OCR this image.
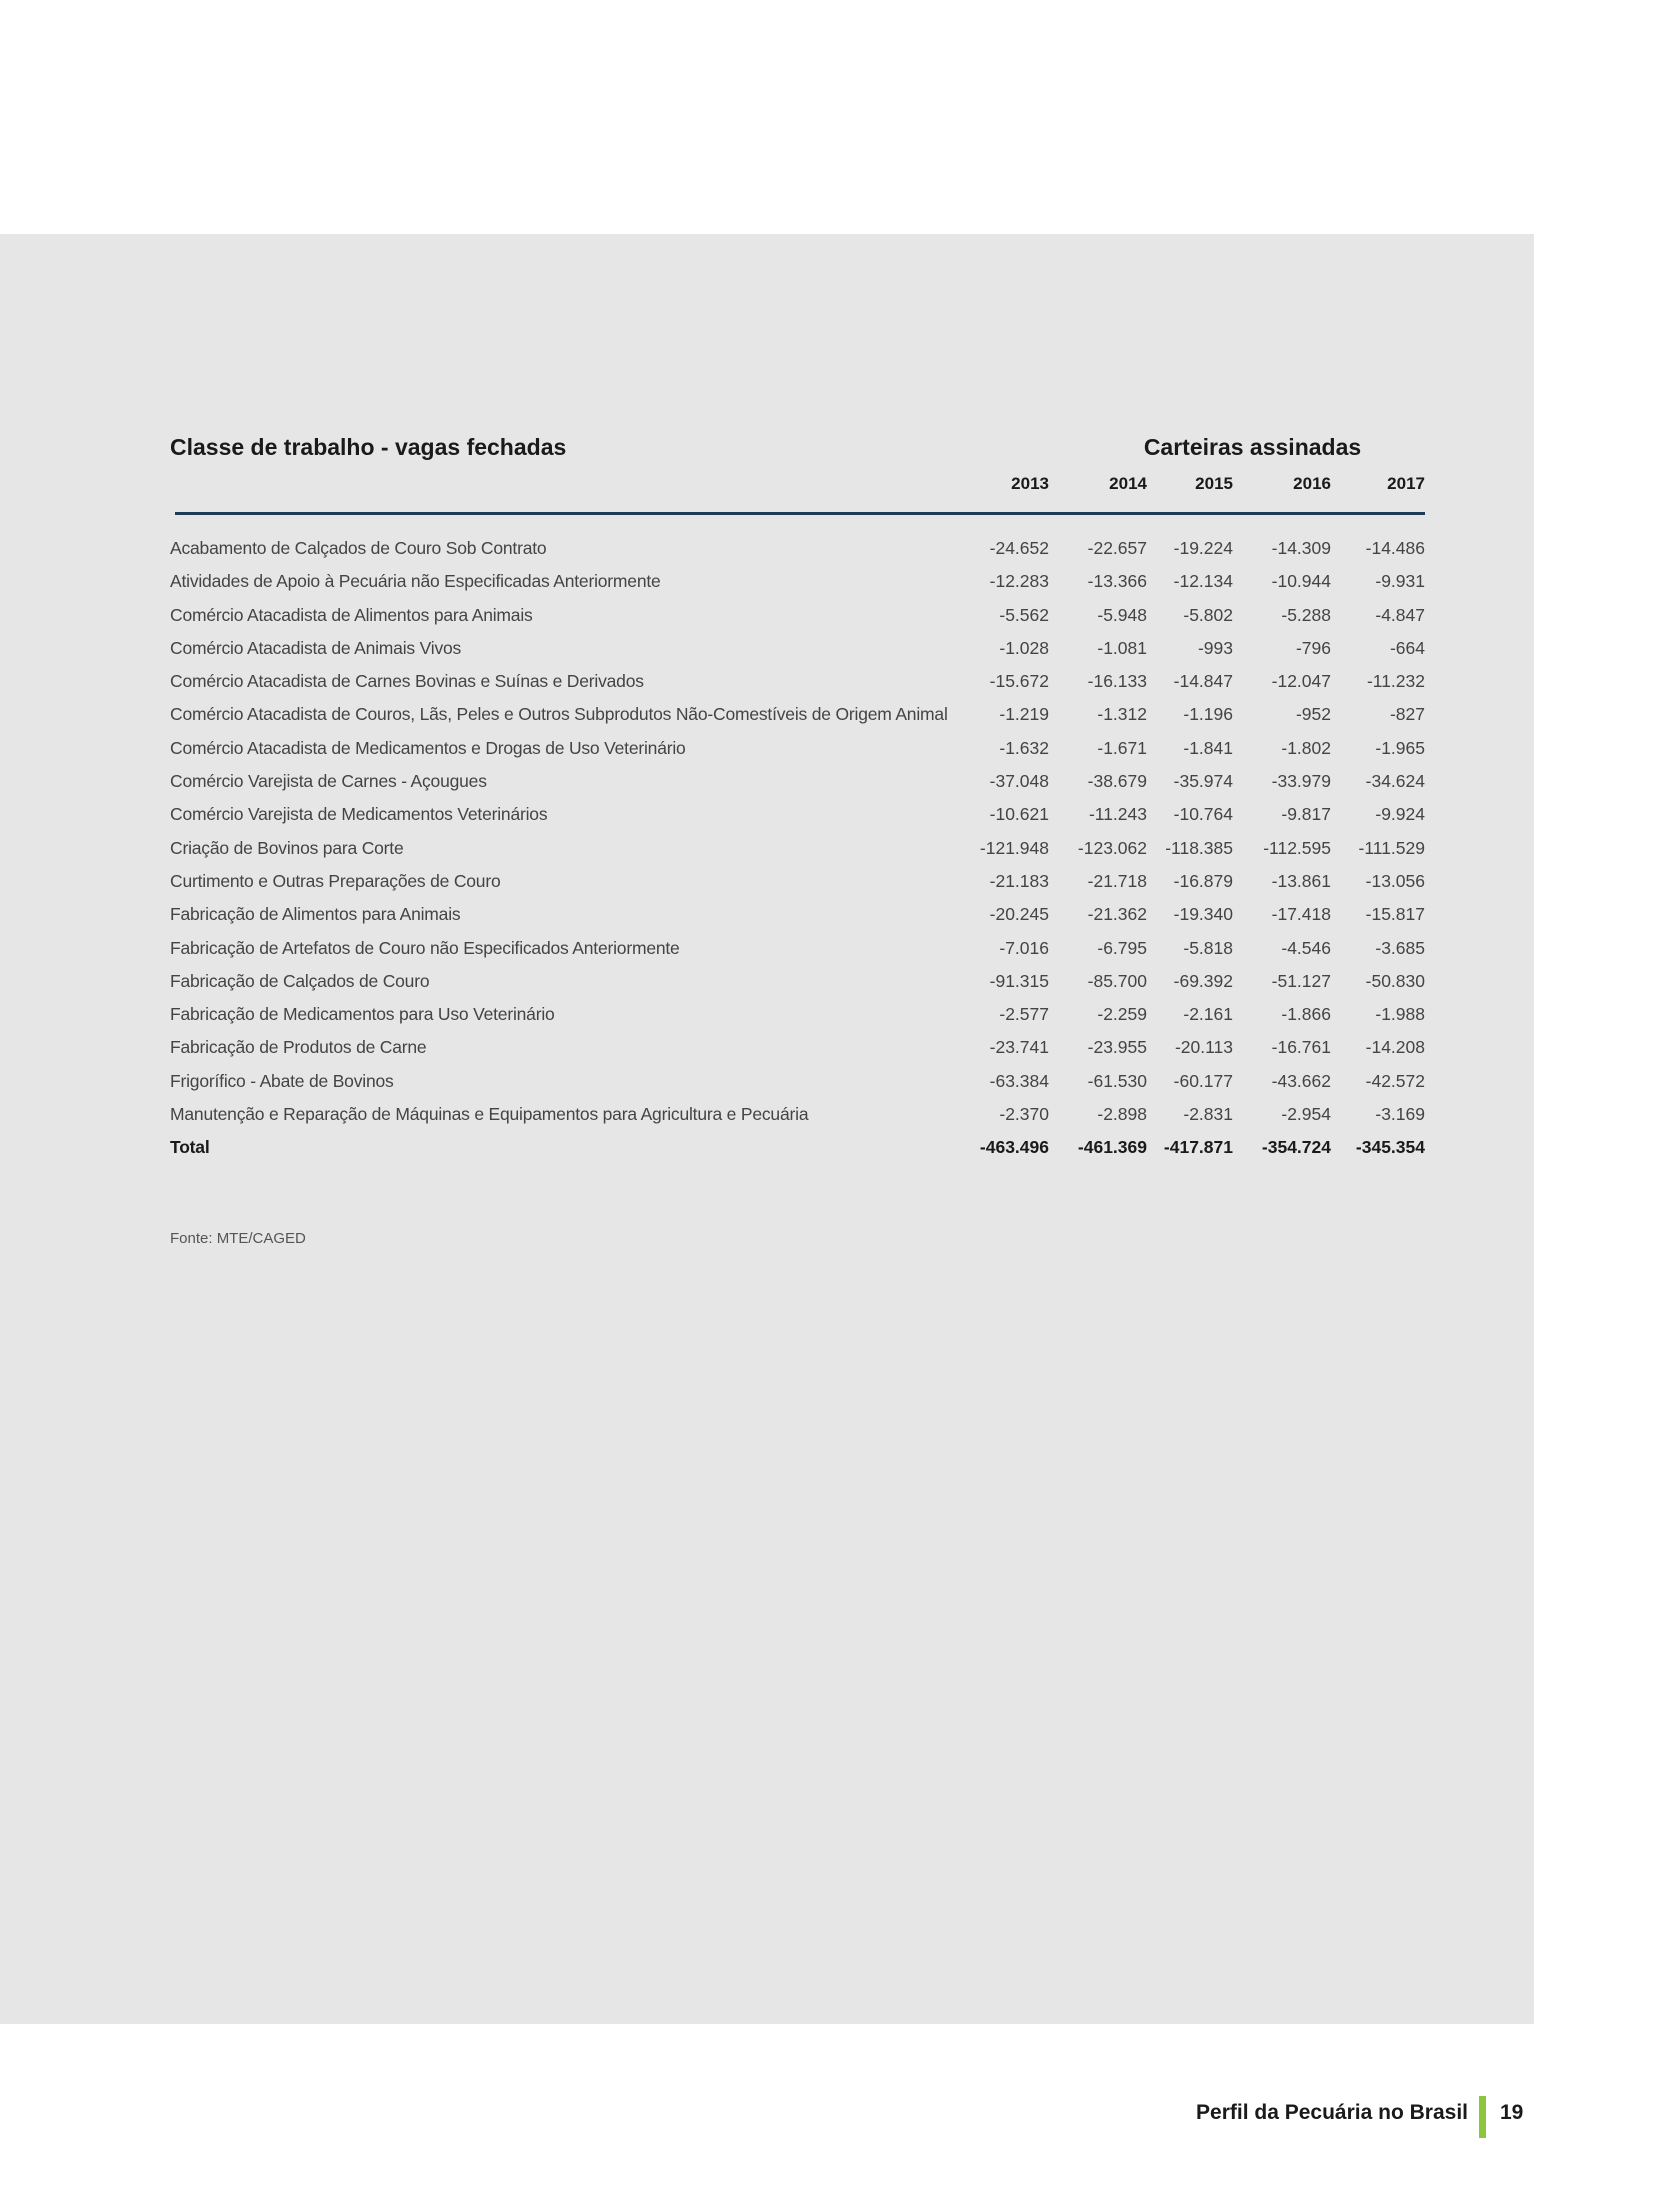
Classe de trabalho - vagas fechadas	Carteiras assinadas
2013	2014	2015	2016	2017
Acabamento de Calçados de Couro Sob Contrato	-24.652	-22.657	-19.224	-14.309	-14.486
Atividades de Apoio à Pecuária não Especificadas Anteriormente	-12.283	-13.366	-12.134	-10.944	-9.931
Comércio Atacadista de Alimentos para Animais	-5.562	-5.948	-5.802	-5.288	-4.847
Comércio Atacadista de Animais Vivos	-1.028	-1.081	-993	-796	-664
Comércio Atacadista de Carnes Bovinas e Suínas e Derivados	-15.672	-16.133	-14.847	-12.047	-11.232
Comércio Atacadista de Couros, Lãs, Peles e Outros Subprodutos Não-Comestíveis de Origem Animal	-1.219	-1.312	-1.196	-952	-827
Comércio Atacadista de Medicamentos e Drogas de Uso Veterinário	-1.632	-1.671	-1.841	-1.802	-1.965
Comércio Varejista de Carnes - Açougues	-37.048	-38.679	-35.974	-33.979	-34.624
Comércio Varejista de Medicamentos Veterinários	-10.621	-11.243	-10.764	-9.817	-9.924
Criação de Bovinos para Corte	-121.948	-123.062	-118.385	-112.595	-111.529
Curtimento e Outras Preparações de Couro	-21.183	-21.718	-16.879	-13.861	-13.056
Fabricação de Alimentos para Animais	-20.245	-21.362	-19.340	-17.418	-15.817
Fabricação de Artefatos de Couro não Especificados Anteriormente	-7.016	-6.795	-5.818	-4.546	-3.685
Fabricação de Calçados de Couro	-91.315	-85.700	-69.392	-51.127	-50.830
Fabricação de Medicamentos para Uso Veterinário	-2.577	-2.259	-2.161	-1.866	-1.988
Fabricação de Produtos de Carne	-23.741	-23.955	-20.113	-16.761	-14.208
Frigorífico - Abate de Bovinos	-63.384	-61.530	-60.177	-43.662	-42.572
Manutenção e Reparação de Máquinas e Equipamentos para Agricultura e Pecuária	-2.370	-2.898	-2.831	-2.954	-3.169
Total	-463.496	-461.369 -417.871	-354.724	-345.354
Fonte: MTE/CAGED
Perfil da Pecuária no Brasil 19
